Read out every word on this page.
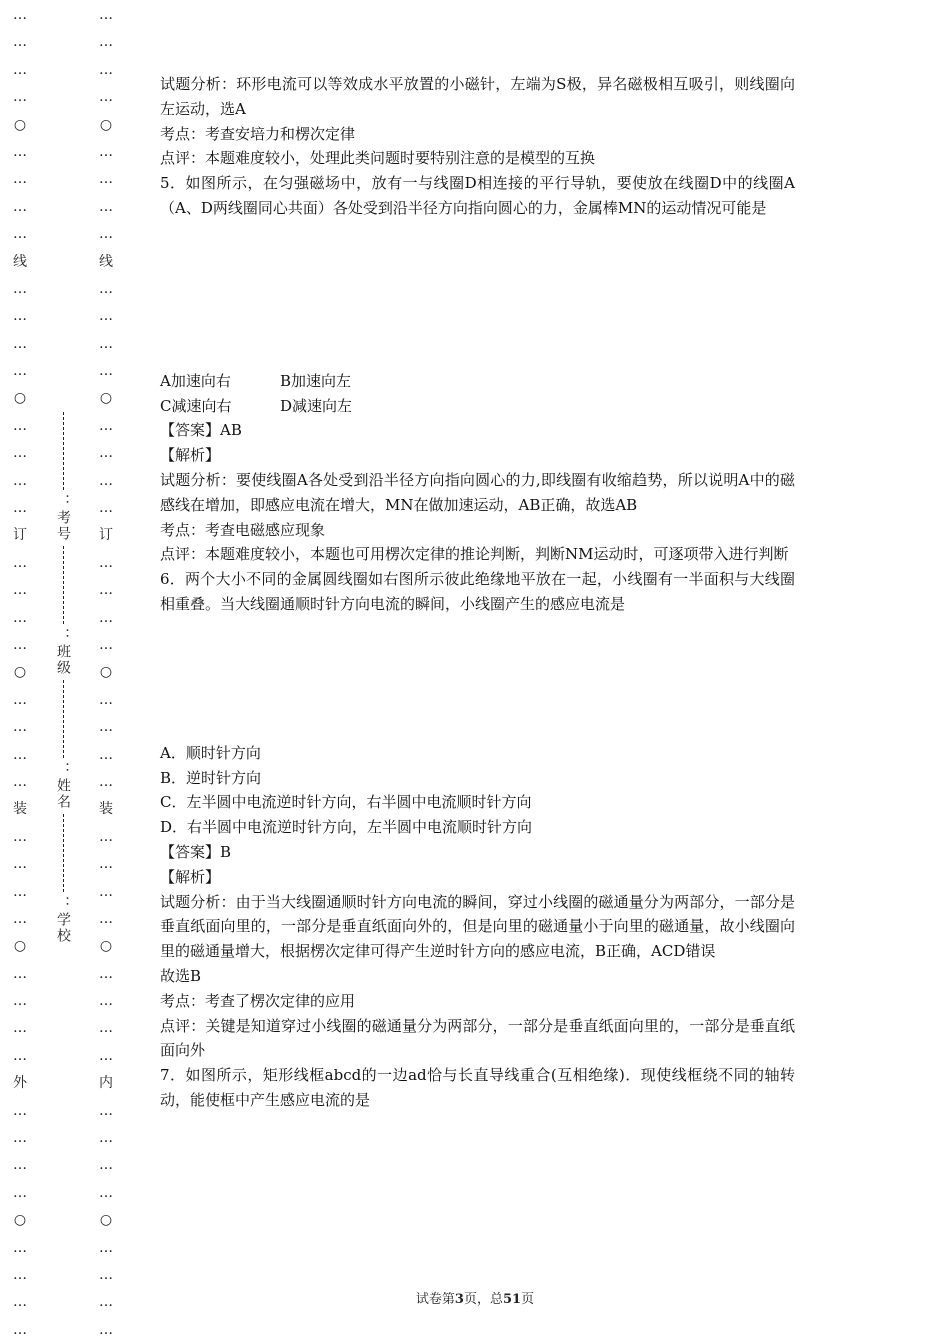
…
…
…
…
○
…
…
…
…
线
…
…
…
…
○
…
…
…
…
订
…
…
…
…
○
…
…
…
…
装
…
…
…
…
○
…
…
…
…
外
…
…
…
…
○
…
…
…
…
…
…
…
…
○
…
…
…
…
线
…
…
…
…
○
…
…
…
…
订
…
…
…
…
○
…
…
…
…
装
…
…
…
…
○
…
…
…
…
内
…
…
…
…
○
…
…
…
…
：考号
：班级
：姓名
：学校

试题分析：环形电流可以等效成水平放置的小磁针，左端为S极，异名磁极相互吸引，则线圈向左运动，选A

考点：考查安培力和楞次定律

点评：本题难度较小，处理此类问题时要特别注意的是模型的互换

5．如图所示，在匀强磁场中，放有一与线圈D相连接的平行导轨，要使放在线圈D中的线圈A（A、D两线圈同心共面）各处受到沿半径方向指向圆心的力，金属棒MN的运动情况可能是

A加速向右	B加速向左
C减速向右	D减速向左

【答案】AB

【解析】

试题分析：要使线圈A各处受到沿半径方向指向圆心的力,即线圈有收缩趋势，所以说明A中的磁感线在增加，即感应电流在增大，MN在做加速运动，AB正确，故选AB

考点：考查电磁感应现象

点评：本题难度较小，本题也可用楞次定律的推论判断，判断NM运动时，可逐项带入进行判断

6．两个大小不同的金属圆线圈如右图所示彼此绝缘地平放在一起，小线圈有一半面积与大线圈相重叠。当大线圈通顺时针方向电流的瞬间，小线圈产生的感应电流是

A．顺时针方向

B．逆时针方向

C．左半圆中电流逆时针方向，右半圆中电流顺时针方向

D．右半圆中电流逆时针方向，左半圆中电流顺时针方向

【答案】B

【解析】

试题分析：由于当大线圈通顺时针方向电流的瞬间，穿过小线圈的磁通量分为两部分，一部分是垂直纸面向里的，一部分是垂直纸面向外的，但是向里的磁通量小于向里的磁通量，故小线圈向里的磁通量增大，根据楞次定律可得产生逆时针方向的感应电流，B正确，ACD错误

故选B

考点：考查了楞次定律的应用

点评：关键是知道穿过小线圈的磁通量分为两部分，一部分是垂直纸面向里的，一部分是垂直纸面向外

7．如图所示，矩形线框abcd的一边ad恰与长直导线重合(互相绝缘)．现使线框绕不同的轴转动，能使框中产生感应电流的是

试卷第3页，总51页
